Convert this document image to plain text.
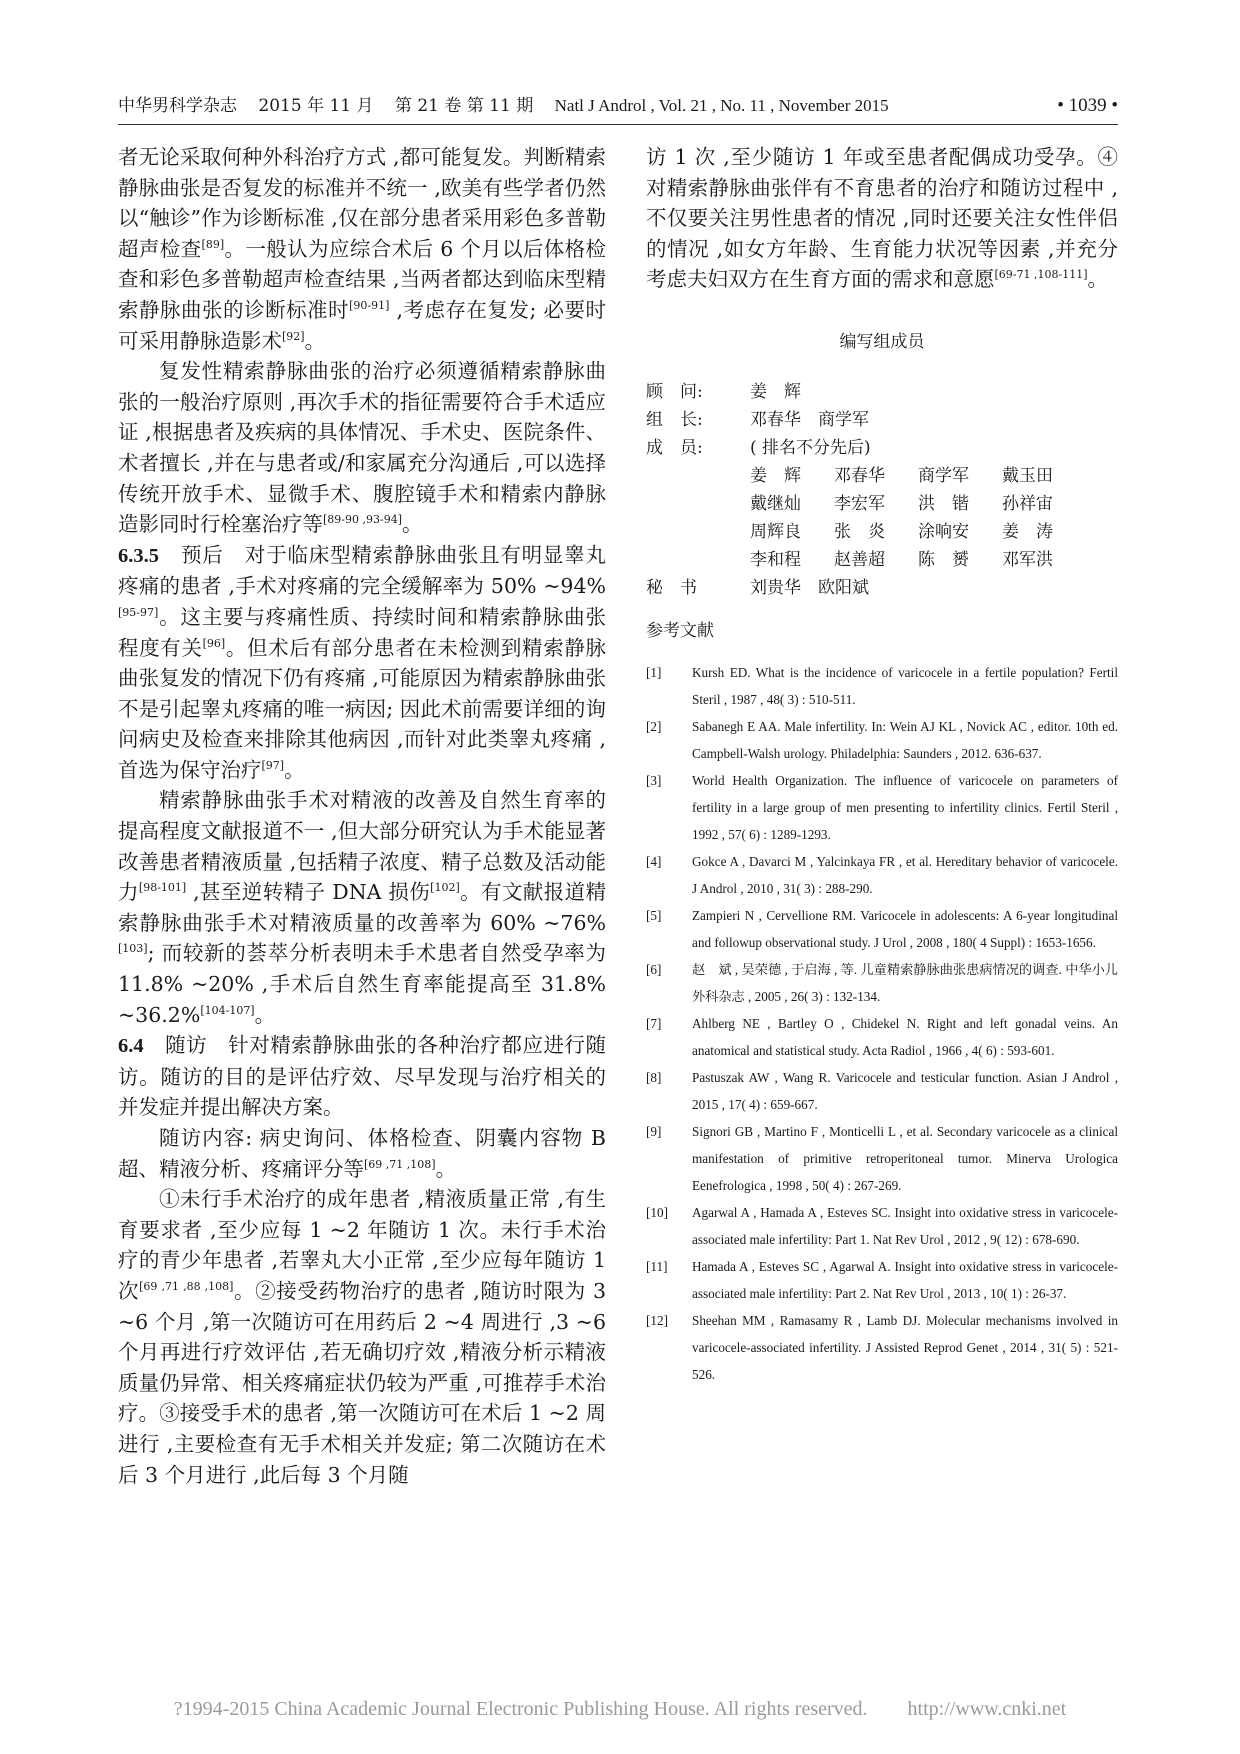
中华男科学杂志 2015 年 11 月 第 21 卷 第 11 期 Natl J Androl , Vol. 21 , No. 11 , November 2015	• 1039 •

者无论采取何种外科治疗方式 ,都可能复发。判断精索静脉曲张是否复发的标准并不统一 ,欧美有些学者仍然以“触诊”作为诊断标准 ,仅在部分患者采用彩色多普勒超声检查[89]。一般认为应综合术后 6 个月以后体格检查和彩色多普勒超声检查结果 ,当两者都达到临床型精索静脉曲张的诊断标准时[90-91] ,考虑存在复发; 必要时可采用静脉造影术[92]。

复发性精索静脉曲张的治疗必须遵循精索静脉曲张的一般治疗原则 ,再次手术的指征需要符合手术适应证 ,根据患者及疾病的具体情况、手术史、医院条件、术者擅长 ,并在与患者或/和家属充分沟通后 ,可以选择传统开放手术、显微手术、腹腔镜手术和精索内静脉造影同时行栓塞治疗等[89-90 ,93-94]。

6.3.5　预后　对于临床型精索静脉曲张且有明显睾丸疼痛的患者 ,手术对疼痛的完全缓解率为 50% ~94%[95-97]。这主要与疼痛性质、持续时间和精索静脉曲张程度有关[96]。但术后有部分患者在未检测到精索静脉曲张复发的情况下仍有疼痛 ,可能原因为精索静脉曲张不是引起睾丸疼痛的唯一病因; 因此术前需要详细的询问病史及检查来排除其他病因 ,而针对此类睾丸疼痛 ,首选为保守治疗[97]。

精索静脉曲张手术对精液的改善及自然生育率的提高程度文献报道不一 ,但大部分研究认为手术能显著改善患者精液质量 ,包括精子浓度、精子总数及活动能力[98-101] ,甚至逆转精子 DNA 损伤[102]。有文献报道精索静脉曲张手术对精液质量的改善率为 60% ~76%[103]; 而较新的荟萃分析表明未手术患者自然受孕率为 11.8% ~20% ,手术后自然生育率能提高至 31.8% ~36.2%[104-107]。

6.4　随访　针对精索静脉曲张的各种治疗都应进行随访。随访的目的是评估疗效、尽早发现与治疗相关的并发症并提出解决方案。

随访内容: 病史询问、体格检查、阴囊内容物 B 超、精液分析、疼痛评分等[69 ,71 ,108]。

①未行手术治疗的成年患者 ,精液质量正常 ,有生育要求者 ,至少应每 1 ~2 年随访 1 次。未行手术治疗的青少年患者 ,若睾丸大小正常 ,至少应每年随访 1 次[69 ,71 ,88 ,108]。②接受药物治疗的患者 ,随访时限为 3 ~6 个月 ,第一次随访可在用药后 2 ~4 周进行 ,3 ~6 个月再进行疗效评估 ,若无确切疗效 ,精液分析示精液质量仍异常、相关疼痛症状仍较为严重 ,可推荐手术治疗。③接受手术的患者 ,第一次随访可在术后 1 ~2 周进行 ,主要检查有无手术相关并发症; 第二次随访在术后 3 个月进行 ,此后每 3 个月随

访 1 次 ,至少随访 1 年或至患者配偶成功受孕。④对精索静脉曲张伴有不育患者的治疗和随访过程中 ,不仅要关注男性患者的情况 ,同时还要关注女性伴侣的情况 ,如女方年龄、生育能力状况等因素 ,并充分考虑夫妇双方在生育方面的需求和意愿[69-71 ,108-111]。

编写组成员
顾　问:	姜　辉
组　长:	邓春华　商学军
成　员:	( 排名不分先后)
姜　辉 邓春华 商学军 戴玉田
戴继灿 李宏军 洪　锴 孙祥宙
周辉良 张　炎 涂响安 姜　涛
李和程 赵善超 陈　赟 邓军洪
秘　书	刘贵华　欧阳斌
参考文献
[1]	Kursh ED. What is the incidence of varicocele in a fertile population? Fertil Steril , 1987 , 48( 3) : 510-511.
[2]	Sabanegh E AA. Male infertility. In: Wein AJ KL , Novick AC , editor. 10th ed. Campbell-Walsh urology. Philadelphia: Saunders , 2012. 636-637.
[3]	World Health Organization. The influence of varicocele on parameters of fertility in a large group of men presenting to infertility clinics. Fertil Steril , 1992 , 57( 6) : 1289-1293.
[4]	Gokce A , Davarci M , Yalcinkaya FR , et al. Hereditary behavior of varicocele. J Androl , 2010 , 31( 3) : 288-290.
[5]	Zampieri N , Cervellione RM. Varicocele in adolescents: A 6-year longitudinal and followup observational study. J Urol , 2008 , 180( 4 Suppl) : 1653-1656.
[6]	赵　斌 , 吴荣德 , 于启海 , 等. 儿童精索静脉曲张患病情况的调查. 中华小儿外科杂志 , 2005 , 26( 3) : 132-134.
[7]	Ahlberg NE , Bartley O , Chidekel N. Right and left gonadal veins. An anatomical and statistical study. Acta Radiol , 1966 , 4( 6) : 593-601.
[8]	Pastuszak AW , Wang R. Varicocele and testicular function. Asian J Androl , 2015 , 17( 4) : 659-667.
[9]	Signori GB , Martino F , Monticelli L , et al. Secondary varicocele as a clinical manifestation of primitive retroperitoneal tumor. Minerva Urologica Eenefrologica , 1998 , 50( 4) : 267-269.
[10]	Agarwal A , Hamada A , Esteves SC. Insight into oxidative stress in varicocele-associated male infertility: Part 1. Nat Rev Urol , 2012 , 9( 12) : 678-690.
[11]	Hamada A , Esteves SC , Agarwal A. Insight into oxidative stress in varicocele-associated male infertility: Part 2. Nat Rev Urol , 2013 , 10( 1) : 26-37.
[12]	Sheehan MM , Ramasamy R , Lamb DJ. Molecular mechanisms involved in varicocele-associated infertility. J Assisted Reprod Genet , 2014 , 31( 5) : 521-526.
?1994-2015 China Academic Journal Electronic Publishing House. All rights reserved.　　http://www.cnki.net
